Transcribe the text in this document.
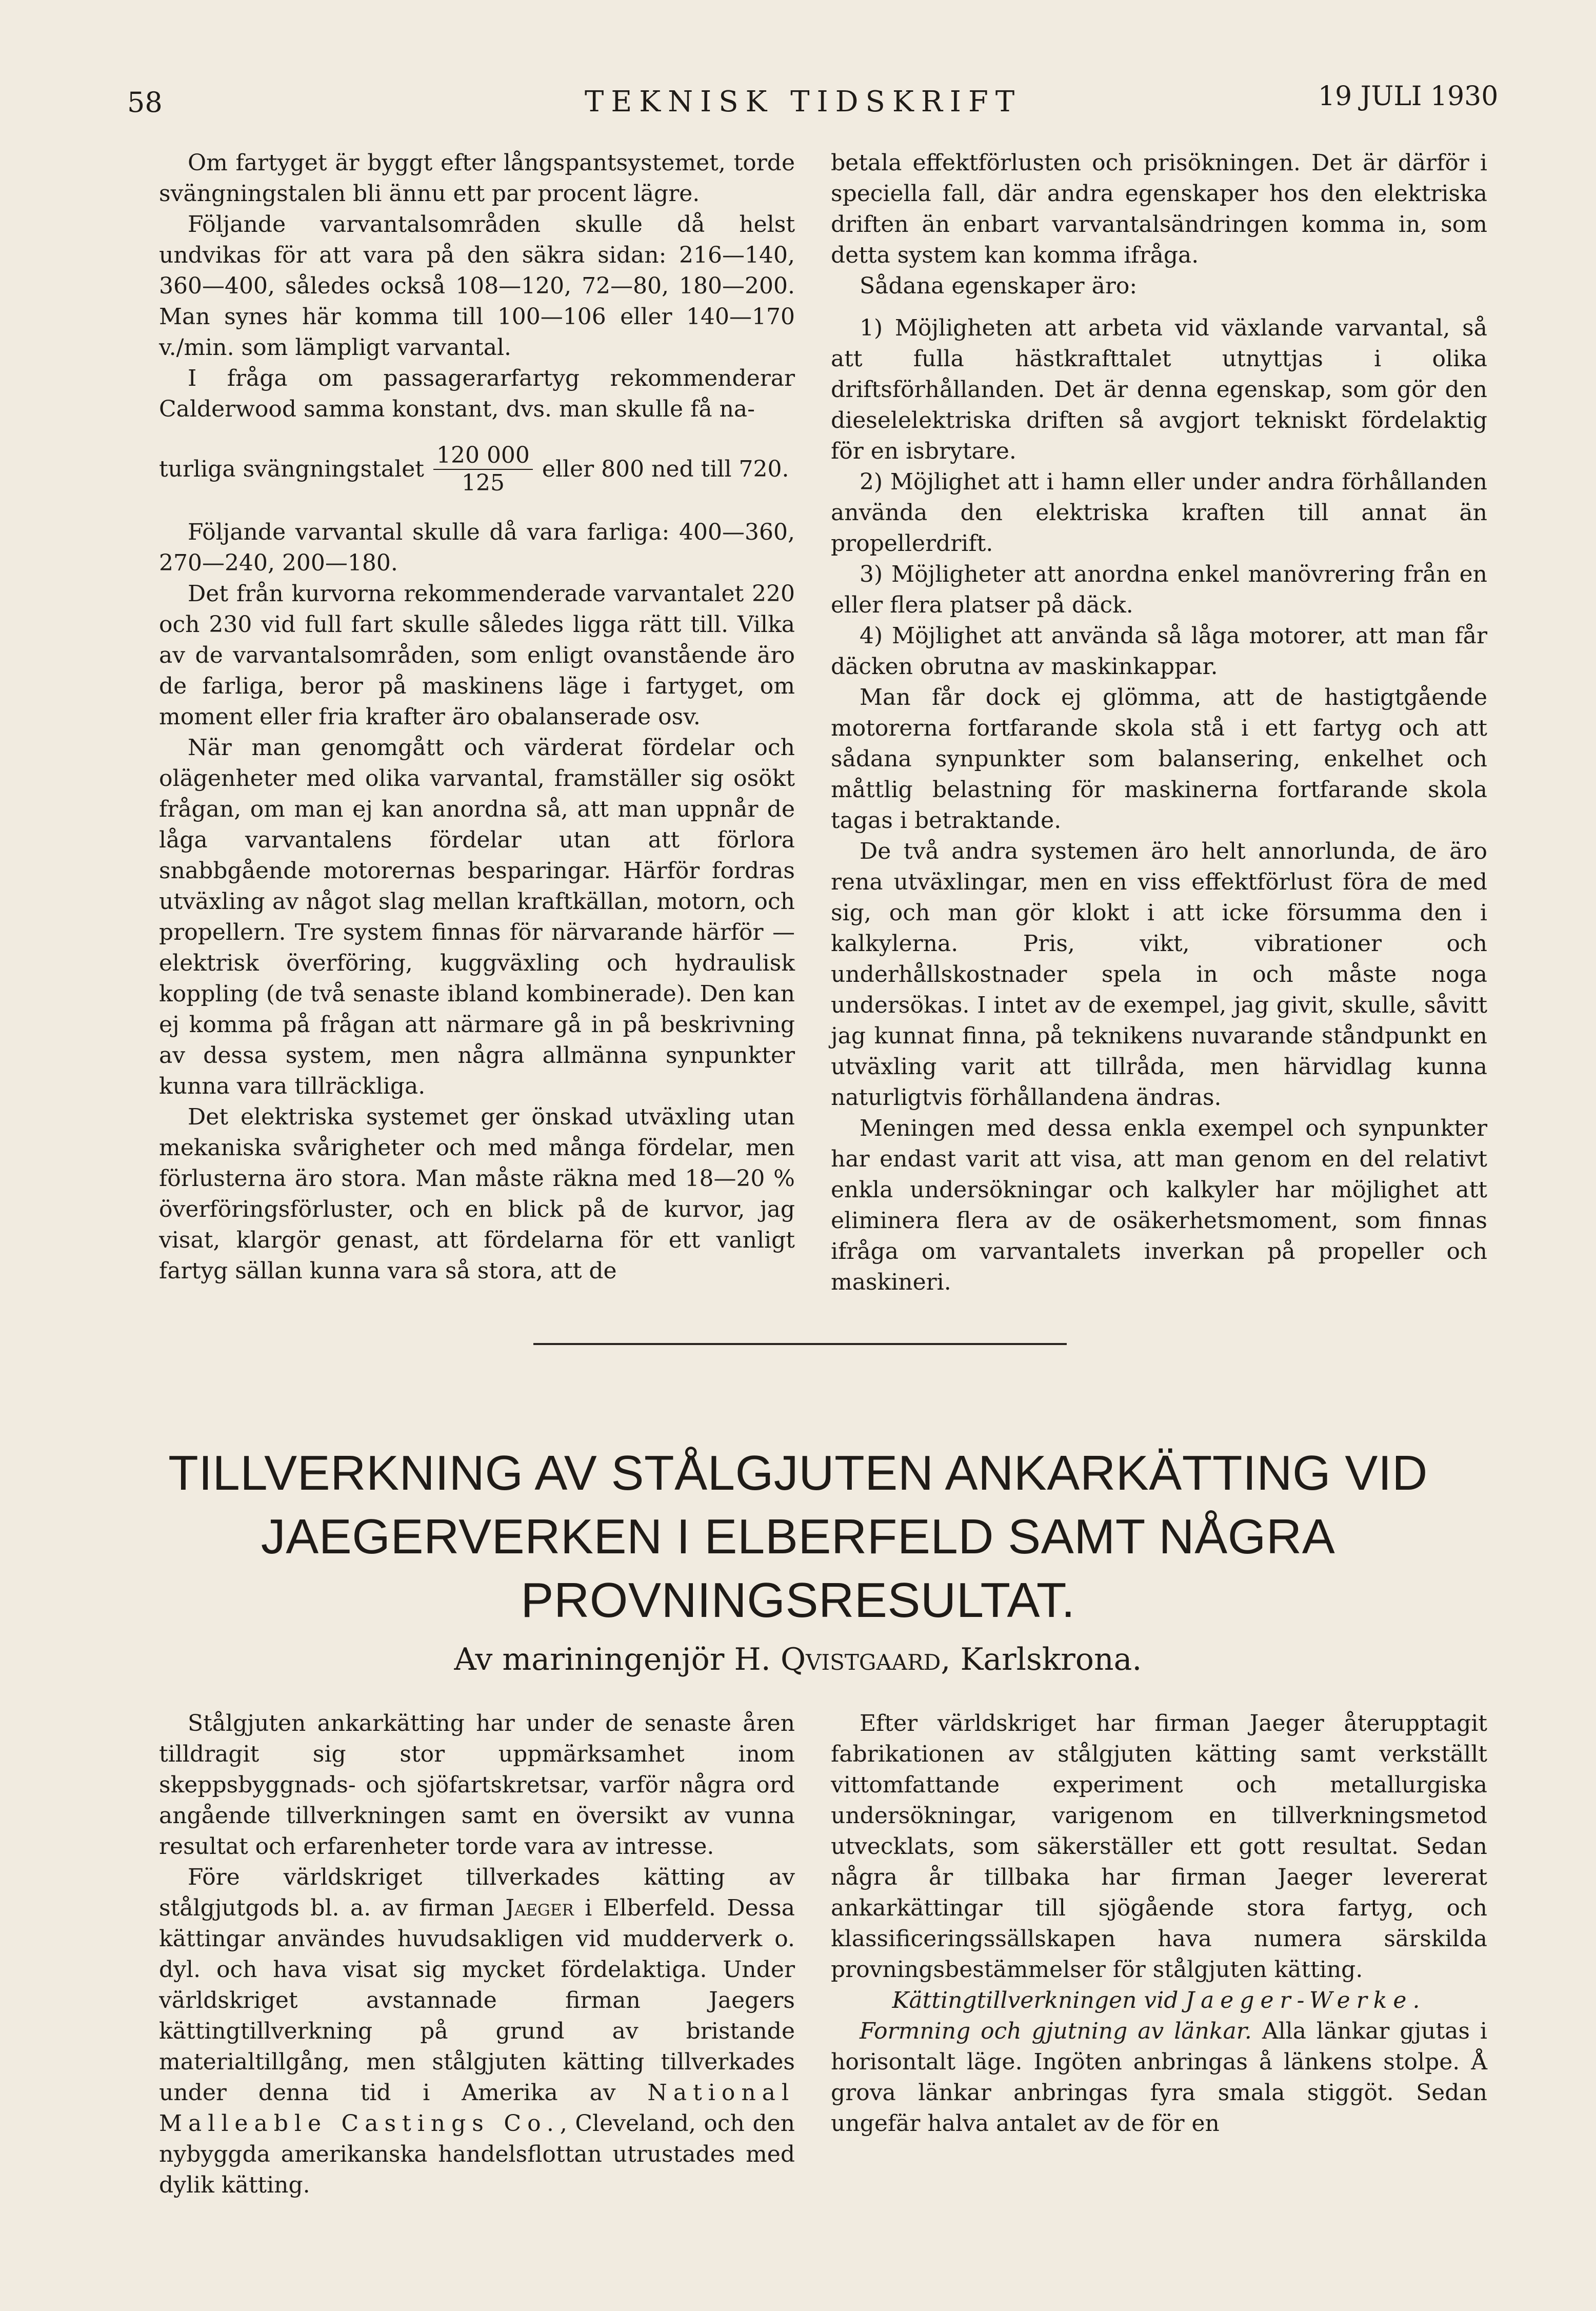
58	TEKNISK TIDSKRIFT	19 JULI 1930

Om fartyget är byggt efter långspantsystemet, torde svängningstalen bli ännu ett par procent lägre.

Följande varvantalsområden skulle då helst undvikas för att vara på den säkra sidan: 216—140, 360—400, således också 108—120, 72—80, 180—200. Man synes här komma till 100—106 eller 140—170 v./min. som lämpligt varvantal.

I fråga om passagerarfartyg rekommenderar Calderwood samma konstant, dvs. man skulle få na-

turliga svängningstalet $\frac{120 000}{125}$ eller 800 ned till 720.

Följande varvantal skulle då vara farliga: 400—360, 270—240, 200—180.

Det från kurvorna rekommenderade varvantalet 220 och 230 vid full fart skulle således ligga rätt till. Vilka av de varvantalsområden, som enligt ovanstående äro de farliga, beror på maskinens läge i fartyget, om moment eller fria krafter äro obalanserade osv.

När man genomgått och värderat fördelar och olägenheter med olika varvantal, framställer sig osökt frågan, om man ej kan anordna så, att man uppnår de låga varvantalens fördelar utan att förlora snabbgående motorernas besparingar. Härför fordras utväxling av något slag mellan kraftkällan, motorn, och propellern. Tre system finnas för närvarande härför — elektrisk överföring, kuggväxling och hydraulisk koppling (de två senaste ibland kombinerade). Den kan ej komma på frågan att närmare gå in på beskrivning av dessa system, men några allmänna synpunkter kunna vara tillräckliga.

Det elektriska systemet ger önskad utväxling utan mekaniska svårigheter och med många fördelar, men förlusterna äro stora. Man måste räkna med 18—20 % överföringsförluster, och en blick på de kurvor, jag visat, klargör genast, att fördelarna för ett vanligt fartyg sällan kunna vara så stora, att de

betala effektförlusten och prisökningen. Det är därför i speciella fall, där andra egenskaper hos den elektriska driften än enbart varvantalsändringen komma in, som detta system kan komma ifråga.

Sådana egenskaper äro:

1) Möjligheten att arbeta vid växlande varvantal, så att fulla hästkrafttalet utnyttjas i olika driftsförhållanden. Det är denna egenskap, som gör den dieselelektriska driften så avgjort tekniskt fördelaktig för en isbrytare.

2) Möjlighet att i hamn eller under andra förhållanden använda den elektriska kraften till annat än propellerdrift.

3) Möjligheter att anordna enkel manövrering från en eller flera platser på däck.

4) Möjlighet att använda så låga motorer, att man får däcken obrutna av maskinkappar.

Man får dock ej glömma, att de hastigtgående motorerna fortfarande skola stå i ett fartyg och att sådana synpunkter som balansering, enkelhet och måttlig belastning för maskinerna fortfarande skola tagas i betraktande.

De två andra systemen äro helt annorlunda, de äro rena utväxlingar, men en viss effektförlust föra de med sig, och man gör klokt i att icke försumma den i kalkylerna. Pris, vikt, vibrationer och underhållskostnader spela in och måste noga undersökas. I intet av de exempel, jag givit, skulle, såvitt jag kunnat finna, på teknikens nuvarande ståndpunkt en utväxling varit att tillråda, men härvidlag kunna naturligtvis förhållandena ändras.

Meningen med dessa enkla exempel och synpunkter har endast varit att visa, att man genom en del relativt enkla undersökningar och kalkyler har möjlighet att eliminera flera av de osäkerhetsmoment, som finnas ifråga om varvantalets inverkan på propeller och maskineri.

TILLVERKNING AV STÅLGJUTEN ANKARKÄTTING VID JAEGERVERKEN I ELBERFELD SAMT NÅGRA PROVNINGSRESULTAT.
Av mariningenjör H. Qvistgaard, Karlskrona.

Stålgjuten ankarkätting har under de senaste åren tilldragit sig stor uppmärksamhet inom skeppsbyggnads- och sjöfartskretsar, varför några ord angående tillverkningen samt en översikt av vunna resultat och erfarenheter torde vara av intresse.

Före världskriget tillverkades kätting av stålgjutgods bl. a. av firman Jaeger i Elberfeld. Dessa kättingar användes huvudsakligen vid mudderverk o. dyl. och hava visat sig mycket fördelaktiga. Under världskriget avstannade firman Jaegers kättingtillverkning på grund av bristande materialtillgång, men stålgjuten kätting tillverkades under denna tid i Amerika av National Malleable Castings Co., Cleveland, och den nybyggda amerikanska handelsflottan utrustades med dylik kätting.

Efter världskriget har firman Jaeger återupptagit fabrikationen av stålgjuten kätting samt verkställt vittomfattande experiment och metallurgiska undersökningar, varigenom en tillverkningsmetod utvecklats, som säkerställer ett gott resultat. Sedan några år tillbaka har firman Jaeger levererat ankarkättingar till sjögående stora fartyg, och klassificeringssällskapen hava numera särskilda provningsbestämmelser för stålgjuten kätting.

Kättingtillverkningen vid Jaeger-Werke.

Formning och gjutning av länkar. Alla länkar gjutas i horisontalt läge. Ingöten anbringas å länkens stolpe. Å grova länkar anbringas fyra smala stiggöt. Sedan ungefär halva antalet av de för en
